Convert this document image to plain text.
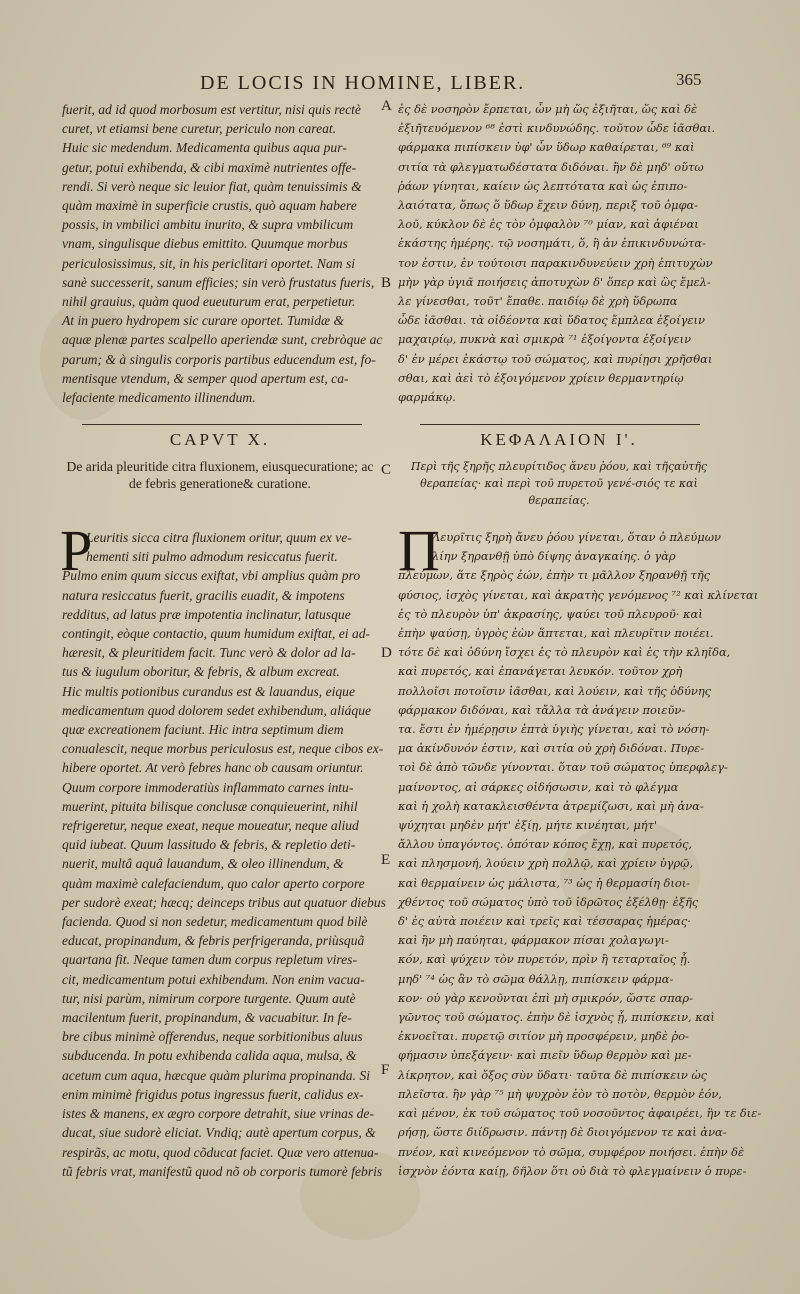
DE LOCIS IN HOMINE, LIBER.	365
fuerit, ad id quod morbosum est vertitur, nisi quis rectè
curet, vt etiamsi bene curetur, periculo non careat.
Huic sic medendum. Medicamenta quibus aqua pur-
getur, potui exhibenda, & cibi maximè nutrientes offe-
rendi. Si verò neque sic leuior fiat, quàm tenuissimis &
quàm maximè in superficie crustis, quò aquam habere
possis, in vmbilici ambitu inurito, & supra vmbilicum
vnam, singulisque diebus emittito. Quumque morbus
periculosissimus, sit, in his periclitari oportet. Nam si
sanè successerit, sanum efficies; sin verò frustatus fueris,
nihil grauius, quàm quod eueuturum erat, perpetietur.
At in puero hydropem sic curare oportet. Tumidæ &
aquæ plenæ partes scalpello aperiendæ sunt, crebròque ac
parum; & à singulis corporis partibus educendum est, fo-
mentisque vtendum, & semper quod apertum est, ca-
lefaciente medicamento illinendum.
ἐς δὲ νοσηρὸν ἔρπεται, ὧν μὴ ὥς ἐξιῆται, ὥς καὶ δὲ
ἐξιῆτευόμενον ⁶⁸ ἐστὶ κινδυνώδης. τοῦτον ὧδε ἰᾶσθαι.
φάρμακα πιπίσκειν ὑφ' ὧν ὕδωρ καθαίρεται, ⁶⁹ καὶ
σιτία τὰ φλεγματωδέστατα διδόναι. ἢν δὲ μηδ' οὕτω
ῥάων γίνηται, καίειν ὡς λεπτότατα καὶ ὡς ἐπιπο-
λαιότατα, ὅπως ὅ ὕδωρ ἔχειν δύνῃ, περιξ τοῦ ὀμφα-
λοῦ, κύκλον δὲ ἐς τὸν ὀμφαλὸν ⁷⁰ μίαν, καὶ ἀφιέναι
ἑκάστης ἡμέρης. τῷ νοσημάτι, ὅ, ἢ ἀν ἐπικινδυνώτα-
τον ἐστιν, ἐν τούτοισι παρακινδυνεύειν χρὴ ἐπιτυχὼν
μὴν γὰρ ὑγιᾶ ποιήσεις ἀποτυχὼν δ' ὅπερ καὶ ὣς ἔμελ-
λε γίνεσθαι, τοῦτ' ἔπαθε. παιδίῳ δὲ χρὴ ὕδρωπα
ὧδε ἰᾶσθαι. τὰ οἰδέοντα καὶ ὕδατος ἔμπλεα ἐξοίγειν
μαχαιρίῳ, πυκνὰ καὶ σμικρὰ ⁷¹ ἐξοίγοντα ἐξοίγειν
δ' ἐν μέρει ἑκάστῳ τοῦ σώματος, καὶ πυρίῃσι χρῆσθαι
σθαι, καὶ ἀεὶ τὸ ἐξοιγόμενον χρίειν θερμαντηρίῳ
φαρμάκῳ.
A
B
CAPVT X.	ΚΕΦΑΛΑΙΟΝ Ι'.
C
De arida pleuritide citra fluxionem, eiusquecuratione; ac de febris generatione& curatione.
Περὶ τῆς ξηρῆς πλευρίτιδος ἄνευ ῥόου, καὶ τῆςαὐτῆς θεραπείας· καὶ περὶ τοῦ πυρετοῦ γενέ-σιός τε καὶ θεραπείας.
P	Π
Leuritis sicca citra fluxionem oritur, quum ex ve-
hementi siti pulmo admodum resiccatus fuerit.
Pulmo enim quum siccus exiftat, vbi amplius quàm pro
natura resiccatus fuerit, gracilis euadit, & impotens
redditus, ad latus præ impotentia inclinatur, latusque
contingit, eòque contactio, quum humidum exiftat, ei ad-
hæresit, & pleuritidem facit. Tunc verò & dolor ad la-
tus & iugulum oboritur, & febris, & album excreat.
Hic multis potionibus curandus est & lauandus, eique
medicamentum quod dolorem sedet exhibendum, aliáque
quæ excreationem faciunt. Hic intra septimum diem
conualescit, neque morbus periculosus est, neque cibos ex-
hibere oportet. At verò febres hanc ob causam oriuntur.
Quum corpore immoderatiùs inflammato carnes intu-
muerint, pituita bilisque conclusæ conquieuerint, nihil
refrigeretur, neque exeat, neque moueatur, neque aliud
quid iubeat. Quum lassitudo & febris, & repletio deti-
nuerit, multâ aquâ lauandum, & oleo illinendum, &
quàm maximè calefaciendum, quo calor aperto corpore
per sudorè exeat; hæcq; deinceps tribus aut quatuor diebus
facienda. Quod si non sedetur, medicamentum quod bilè
educat, propinandum, & febris perfrigeranda, priùsquã
quartana fit. Neque tamen dum corpus repletum vires-
cit, medicamentum potui exhibendum. Non enim vacua-
tur, nisi parùm, nimirum corpore turgente. Quum autè
macilentum fuerit, propinandum, & vacuabitur. In fe-
bre cibus minimè offerendus, neque sorbitionibus aluus
subducenda. In potu exhibenda calida aqua, mulsa, &
acetum cum aqua, hæcque quàm plurima propinanda. Si
enim minimè frigidus potus ingressus fuerit, calidus ex-
istes & manens, ex ægro corpore detrahit, siue vrinas de-
ducat, siue sudorè eliciat. Vndiq; autè apertum corpus, &
respirãs, ac motu, quod cõducat faciet. Quæ vero attenua-
tũ febris vrat, manifestũ quod nõ ob corporis tumorè febris
Λευρῖτις ξηρὴ ἄνευ ῥόου γίνεται, ὅταν ὁ πλεύμων
λίην ξηρανθῇ ὑπὸ δίψης ἀναγκαίης. ὁ γὰρ
πλεύμων, ἅτε ξηρὸς ἐών, ἐπὴν τι μᾶλλον ξηρανθῇ τῆς
φύσιος, ἰσχὸς γίνεται, καὶ ἀκρατὴς γενόμενος ⁷² καὶ κλίνεται
ἐς τὸ πλευρὸν ὑπ' ἀκρασίης, ψαύει τοῦ πλευροῦ· καὶ
ἐπὴν ψαύσῃ, ὑγρὸς ἐὼν ἅπτεται, καὶ πλευρῖτιν ποιέει.
τότε δὲ καὶ ὀδύνη ἴσχει ἐς τὸ πλευρὸν καὶ ἐς τὴν κληῖδα,
καὶ πυρετός, καὶ ἐπανάγεται λευκόν. τοῦτον χρὴ
πολλοῖσι ποτοῖσιν ἰᾶσθαι, καὶ λούειν, καὶ τῆς ὀδύνης
φάρμακον διδόναι, καὶ τἄλλα τὰ ἀνάγειν ποιεῦν-
τα. ἔστι ἐν ἡμέρῃσιν ἑπτὰ ὑγιὴς γίνεται, καὶ τὸ νόση-
μα ἀκίνδυνόν ἐστιν, καὶ σιτία οὐ χρὴ διδόναι. Πυρε-
τοὶ δὲ ἀπὸ τῶνδε γίνονται. ὅταν τοῦ σώματος ὑπερφλεγ-
μαίνοντος, αἱ σάρκες οἰδήσωσιν, καὶ τὸ φλέγμα
καὶ ἡ χολὴ κατακλεισθέντα ἀτρεμίζωσι, καὶ μὴ ἀνα-
ψύχηται μηδὲν μήτ' ἐξίῃ, μήτε κινέηται, μήτ'
ἄλλου ὑπαγόντος. ὁπόταν κόπος ἔχῃ, καὶ πυρετός,
καὶ πλησμονή, λούειν χρὴ πολλῷ, καὶ χρίειν ὑγρῷ,
καὶ θερμαίνειν ὡς μάλιστα, ⁷³ ὡς ἡ θερμασίη διοι-
χθέντος τοῦ σώματος ὑπὸ τοῦ ἱδρῶτος ἐξέλθῃ· ἐξῆς
δ' ἐς αὐτὰ ποιέειν καὶ τρεῖς καὶ τέσσαρας ἡμέρας·
καὶ ἢν μὴ παύηται, φάρμακον πίσαι χολαγωγι-
κόν, καὶ ψύχειν τὸν πυρετόν, πρὶν ἢ τεταρταῖος ᾖ.
μηδ' ⁷⁴ ὡς ἂν τὸ σῶμα θάλλῃ, πιπίσκειν φάρμα-
κον· οὐ γὰρ κενοῦνται ἐπὶ μὴ σμικρόν, ὥστε σπαρ-
γῶντος τοῦ σώματος. ἐπὴν δὲ ἰσχνὸς ᾖ, πιπίσκειν, καὶ
ἐκνοεῖται. πυρετῷ σιτίον μὴ προσφέρειν, μηδὲ ῥο-
φήμασιν ὑπεξάγειν· καὶ πιεῖν ὕδωρ θερμὸν καὶ με-
λίκρητον, καὶ ὄξος σὺν ὕδατι· ταῦτα δὲ πιπίσκειν ὡς
πλεῖστα. ἢν γὰρ ⁷⁵ μὴ ψυχρὸν ἐὸν τὸ ποτὸν, θερμὸν ἐόν,
καὶ μένον, ἐκ τοῦ σώματος τοῦ νοσοῦντος ἀφαιρέει, ἢν τε διε-
ρήσῃ, ὥστε διίδρωσιν. πάντῃ δὲ διοιγόμενον τε καὶ ἀνα-
πνέον, καὶ κινεόμενον τὸ σῶμα, συμφέρον ποιήσει. ἐπὴν δὲ
ἰσχνὸν ἐόντα καίῃ, δῆλον ὅτι οὐ διὰ τὸ φλεγμαίνειν ὁ πυρε-
D
E
F
